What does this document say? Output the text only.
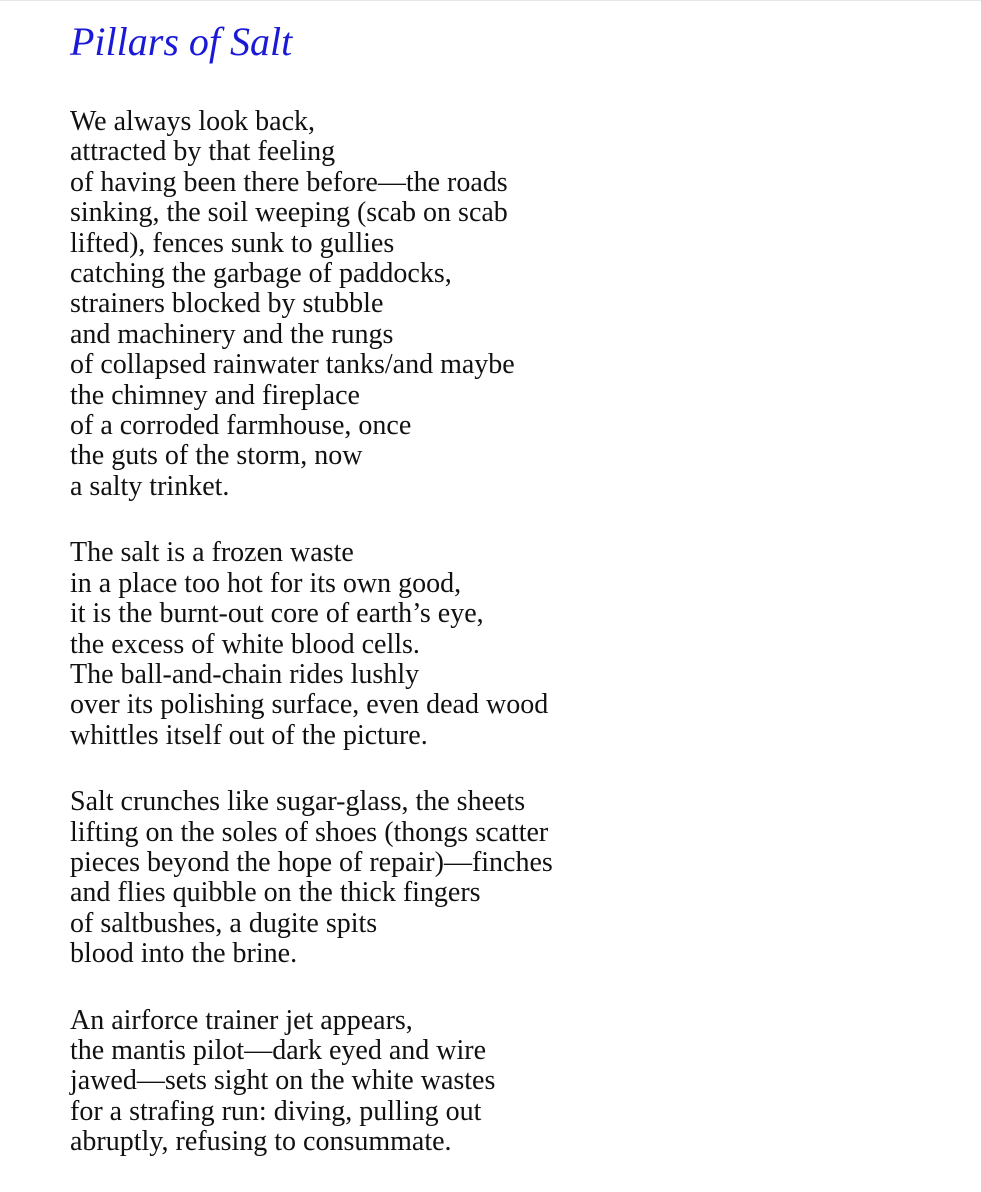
Pillars of Salt

We always look back,
attracted by that feeling
of having been there before—the roads
sinking, the soil weeping (scab on scab
lifted), fences sunk to gullies
catching the garbage of paddocks,
strainers blocked by stubble
and machinery and the rungs
of collapsed rainwater tanks/and maybe
the chimney and fireplace
of a corroded farmhouse, once
the guts of the storm, now
a salty trinket.

The salt is a frozen waste
in a place too hot for its own good,
it is the burnt-out core of earth’s eye,
the excess of white blood cells.
The ball-and-chain rides lushly
over its polishing surface, even dead wood
whittles itself out of the picture.

Salt crunches like sugar-glass, the sheets
lifting on the soles of shoes (thongs scatter
pieces beyond the hope of repair)—finches
and flies quibble on the thick fingers
of saltbushes, a dugite spits
blood into the brine.

An airforce trainer jet appears,
the mantis pilot—dark eyed and wire
jawed—sets sight on the white wastes
for a strafing run: diving, pulling out
abruptly, refusing to consummate.
